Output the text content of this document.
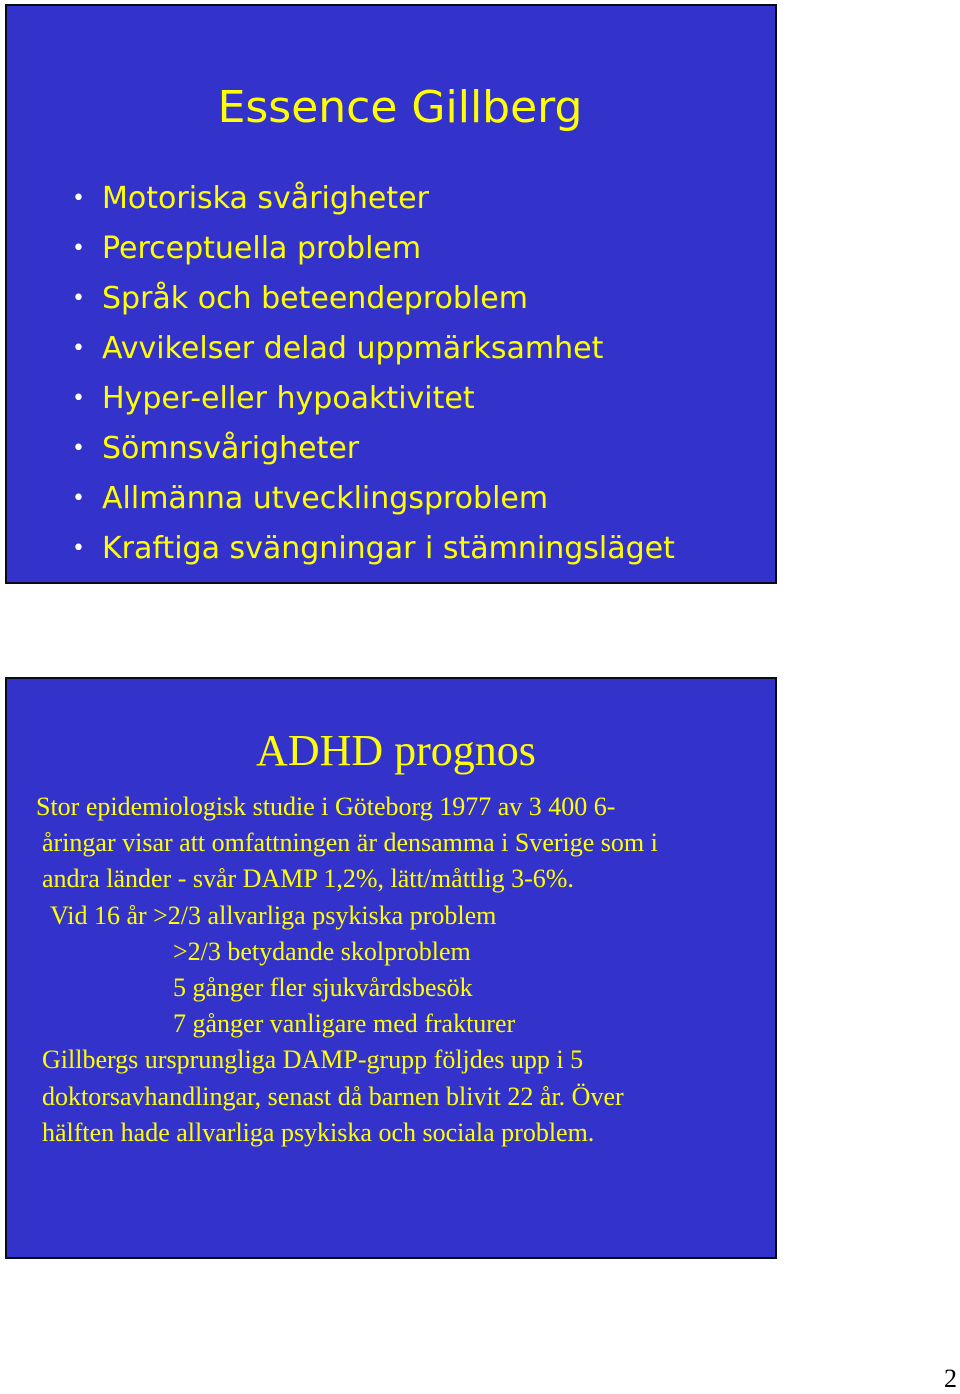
Essence Gillberg
• Motoriska svårigheter
• Perceptuella problem
• Språk och beteendeproblem
• Avvikelser delad uppmärksamhet
• Hyper-eller hypoaktivitet
• Sömnsvårigheter
• Allmänna utvecklingsproblem
• Kraftiga svängningar i stämningsläget
ADHD prognos
Stor epidemiologisk studie i Göteborg 1977 av 3 400 6-
åringar visar att omfattningen är densamma i Sverige som i
andra länder - svår DAMP 1,2%, lätt/måttlig 3-6%.
Vid 16 år >2/3 allvarliga psykiska problem
>2/3 betydande skolproblem
5 gånger fler sjukvårdsbesök
7 gånger vanligare med frakturer
Gillbergs ursprungliga DAMP-grupp följdes upp i 5
doktorsavhandlingar, senast då barnen blivit 22 år. Över
hälften hade allvarliga psykiska och sociala problem.
2
